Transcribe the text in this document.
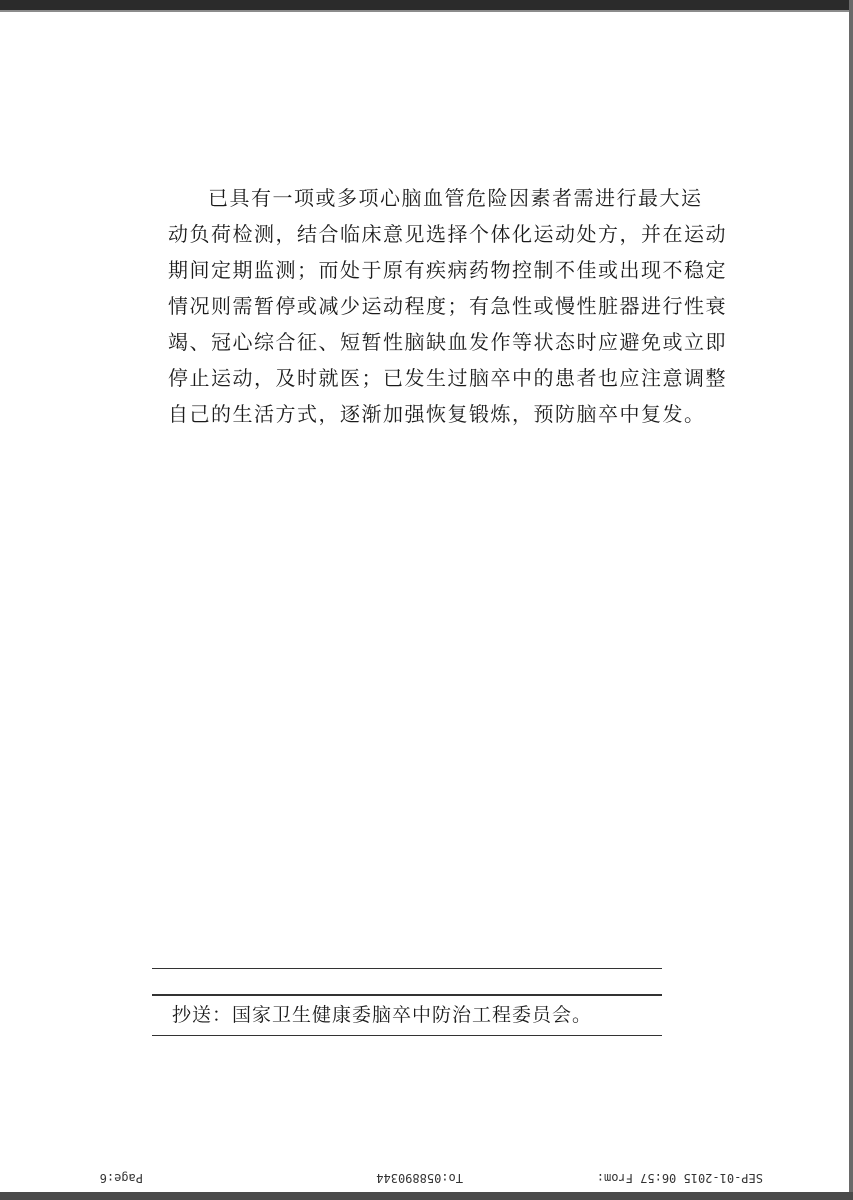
已具有一项或多项心脑血管危险因素者需进行最大运
动负荷检测，结合临床意见选择个体化运动处方，并在运动
期间定期监测；而处于原有疾病药物控制不佳或出现不稳定
情况则需暂停或减少运动程度；有急性或慢性脏器进行性衰
竭、冠心综合征、短暂性脑缺血发作等状态时应避免或立即
停止运动，及时就医；已发生过脑卒中的患者也应注意调整
自己的生活方式，逐渐加强恢复锻炼，预防脑卒中复发。
抄送：国家卫生健康委脑卒中防治工程委员会。
SEP-01-2015 06:57 From:
To:058890344
Page:6
